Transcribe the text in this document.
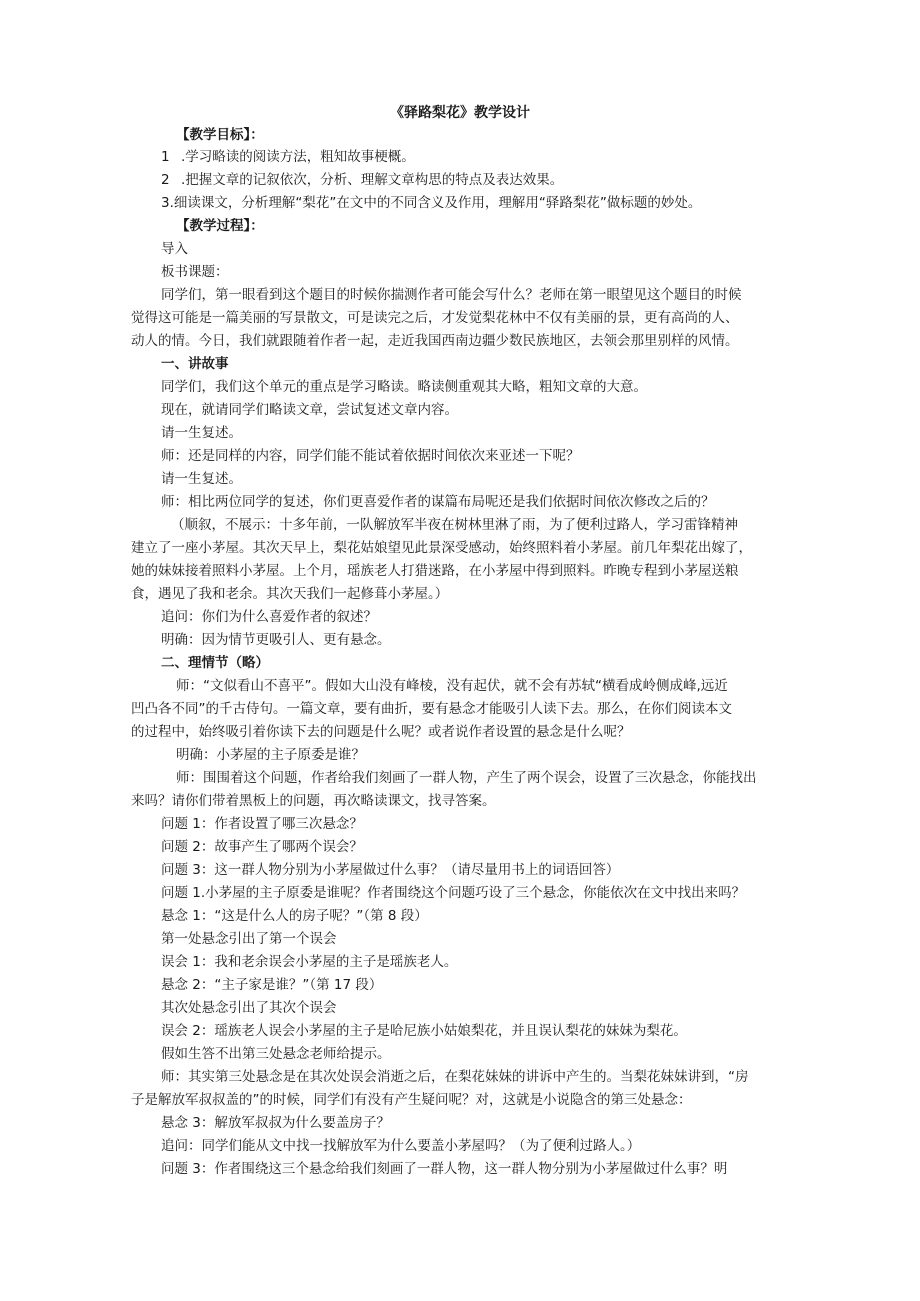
《驿路梨花》教学设计
【教学目标】：
1 .学习略读的阅读方法，粗知故事梗概。
2 .把握文章的记叙依次，分析、理解文章构思的特点及表达效果。
3.细读课文，分析理解“梨花”在文中的不同含义及作用，理解用“驿路梨花”做标题的妙处。
【教学过程】：
导入
板书课题：
同学们，第一眼看到这个题目的时候你揣测作者可能会写什么？老师在第一眼望见这个题目的时候
觉得这可能是一篇美丽的写景散文，可是读完之后，才发觉梨花林中不仅有美丽的景，更有高尚的人、
动人的情。今日，我们就跟随着作者一起，走近我国西南边疆少数民族地区，去领会那里别样的风情。
一、讲故事
同学们，我们这个单元的重点是学习略读。略读侧重观其大略，粗知文章的大意。
现在，就请同学们略读文章，尝试复述文章内容。
请一生复述。
师：还是同样的内容，同学们能不能试着依据时间依次来亚述一下呢？
请一生复述。
师：相比两位同学的复述，你们更喜爱作者的谋篇布局呢还是我们依据时间依次修改之后的？
（顺叙，不展示：十多年前，一队解放军半夜在树林里淋了雨，为了便利过路人，学习雷锋精神
建立了一座小茅屋。其次天早上，梨花姑娘望见此景深受感动，始终照料着小茅屋。前几年梨花出嫁了，
她的妹妹接着照料小茅屋。上个月，瑶族老人打猎迷路，在小茅屋中得到照料。昨晚专程到小茅屋送粮
食，遇见了我和老余。其次天我们一起修葺小茅屋。）
追问：你们为什么喜爱作者的叙述？
明确：因为情节更吸引人、更有悬念。
二、理情节（略）
师：“文似看山不喜平”。假如大山没有峰棱，没有起伏，就不会有苏轼“横看成岭侧成峰,远近
凹凸各不同”的千古侍句。一篇文章，要有曲折，要有悬念才能吸引人读下去。那么，在你们阅读本文
的过程中，始终吸引着你读下去的问题是什么呢？或者说作者设置的悬念是什么呢？
明确：小茅屋的主子原委是谁？
师：围围着这个问题，作者给我们刻画了一群人物，产生了两个误会，设置了三次悬念，你能找出
来吗？请你们带着黑板上的问题，再次略读课文，找寻答案。
问题 1：作者设置了哪三次悬念？
问题 2：故事产生了哪两个误会？
问题 3：这一群人物分别为小茅屋做过什么事？（请尽量用书上的词语回答）
问题 1.小茅屋的主子原委是谁呢？作者围绕这个问题巧设了三个悬念，你能依次在文中找出来吗？
悬念 1：“这是什么人的房子呢？”（第 8 段）
第一处悬念引出了第一个误会
误会 1：我和老余误会小茅屋的主子是瑶族老人。
悬念 2：“主子家是谁？”（第 17 段）
其次处悬念引出了其次个误会
误会 2：瑶族老人误会小茅屋的主子是哈尼族小姑娘梨花，并且误认梨花的妹妹为梨花。
假如生答不出第三处悬念老师给提示。
师：其实第三处悬念是在其次处误会消逝之后，在梨花妹妹的讲诉中产生的。当梨花妹妹讲到，“房
子是解放军叔叔盖的”的时候，同学们有没有产生疑问呢？对，这就是小说隐含的第三处悬念：
悬念 3：解放军叔叔为什么要盖房子？
追问：同学们能从文中找一找解放军为什么要盖小茅屋吗？（为了便利过路人。）
问题 3：作者围绕这三个悬念给我们刻画了一群人物，这一群人物分别为小茅屋做过什么事？明
